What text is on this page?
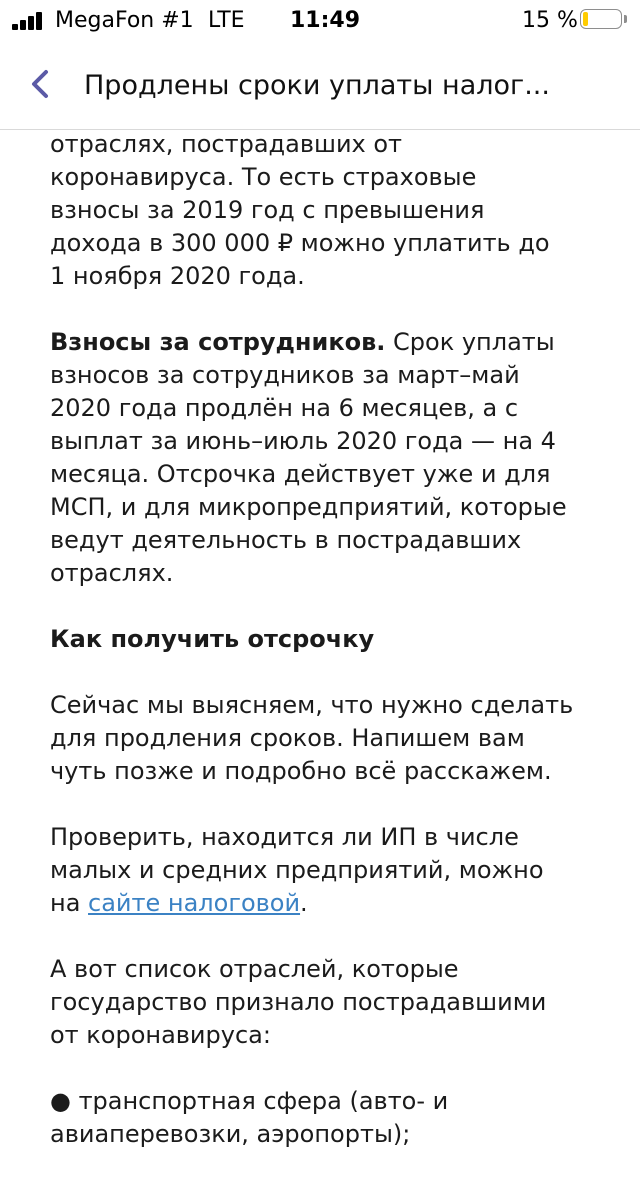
MegaFon #1 LTE 11:49	15 %
Продлены сроки уплаты налог...
отраслях, пострадавших от
коронавируса. То есть страховые
взносы за 2019 год с превышения
дохода в 300 000 ₽ можно уплатить до
1 ноября 2020 года.
Взносы за сотрудников. Срок уплаты
взносов за сотрудников за март–май
2020 года продлён на 6 месяцев, а с
выплат за июнь–июль 2020 года — на 4
месяца. Отсрочка действует уже и для
МСП, и для микропредприятий, которые
ведут деятельность в пострадавших
отраслях.
Как получить отсрочку
Сейчас мы выясняем, что нужно сделать
для продления сроков. Напишем вам
чуть позже и подробно всё расскажем.
Проверить, находится ли ИП в числе
малых и средних предприятий, можно
на сайте налоговой.
А вот список отраслей, которые
государство признало пострадавшими
от коронавируса:
● транспортная сфера (авто- и
авиаперевозки, аэропорты);
